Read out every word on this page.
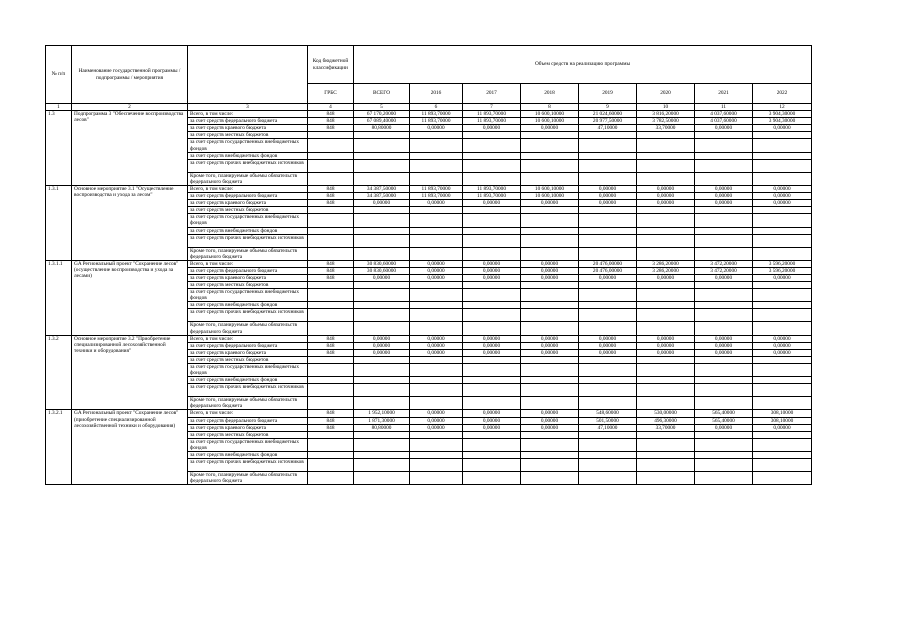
№ п/п	Наименование государственной программы /подпрограммы / мероприятия		Код бюджетной классификации	Объем средств на реализацию программы							
			ГРБС	ВСЕГО	2016	2017	2018	2019	2020	2021	2022
1	2	3	4	5	6	7	8	9	10	11	12
1.3	Подпрограмма 3 "Обеспечение воспроизводства лесов"	Всего, в том числе:	848	67 170,20000	11 893,70000	11 893,70000	10 600,10000	21 024,60000	3 816,20000	4 037,60000	3 904,30000
		за счет средств федерального бюджета	848	67 089,40000	11 893,70000	11 893,70000	10 600,10000	20 977,50000	3 782,50000	4 037,60000	3 904,30000
		за счет средств краевого бюджета	848	80,80000	0,00000	0,00000	0,00000	47,10000	33,70000	0,00000	0,00000
		за счет средств местных бюджетов									
		за счет средств государственных внебюджетных фондов									
		за счет средств внебюджетных фондов									
		за счет средств прочих внебюджетных источников									
		Кроме того, планируемые объемы обязательств федерального бюджета									
1.3.1	Основное мероприятие 3.1 "Осуществление воспроизводства и ухода за лесом"	Всего, в том числе:	848	34 387,50000	11 893,70000	11 893,70000	10 600,10000	0,00000	0,00000	0,00000	0,00000
		за счет средств федерального бюджета	848	34 387,50000	11 893,70000	11 893,70000	10 600,10000	0,00000	0,00000	0,00000	0,00000
		за счет средств краевого бюджета	848	0,00000	0,00000	0,00000	0,00000	0,00000	0,00000	0,00000	0,00000
		за счет средств местных бюджетов									
		за счет средств государственных внебюджетных фондов									
		за счет средств внебюджетных фондов									
		за счет средств прочих внебюджетных источников									
		Кроме того, планируемые объемы обязательств федерального бюджета									
1.3.1.1	GA Региональный проект "Сохранение лесов" (осуществление воспроизводства и ухода за лесами)	Всего, в том числе:	848	30 830,60000	0,00000	0,00000	0,00000	20 476,00000	3 286,20000	3 472,20000	3 596,20000
		за счет средств федерального бюджета	848	30 830,60000	0,00000	0,00000	0,00000	20 476,00000	3 286,20000	3 472,20000	3 596,20000
		за счет средств краевого бюджета	848	0,00000	0,00000	0,00000	0,00000	0,00000	0,00000	0,00000	0,00000
		за счет средств местных бюджетов									
		за счет средств государственных внебюджетных фондов									
		за счет средств внебюджетных фондов									
		за счет средств прочих внебюджетных источников									
		Кроме того, планируемые объемы обязательств федерального бюджета									
1.3.2	Основное мероприятие 3.2 "Приобретение специализированной лесохозяйственной техники и оборудования"	Всего, в том числе:	848	0,00000	0,00000	0,00000	0,00000	0,00000	0,00000	0,00000	0,00000
		за счет средств федерального бюджета	848	0,00000	0,00000	0,00000	0,00000	0,00000	0,00000	0,00000	0,00000
		за счет средств краевого бюджета	848	0,00000	0,00000	0,00000	0,00000	0,00000	0,00000	0,00000	0,00000
		за счет средств местных бюджетов									
		за счет средств государственных внебюджетных фондов									
		за счет средств внебюджетных фондов									
		за счет средств прочих внебюджетных источников									
		Кроме того, планируемые объемы обязательств федерального бюджета									
1.3.2.1	GA Региональный проект "Сохранение лесов" (приобретение специализированной лесохозяйственной техники и оборудования)	Всего, в том числе:	848	1 952,10000	0,00000	0,00000	0,00000	548,60000	530,00000	565,40000	308,10000
		за счет средств федерального бюджета	848	1 871,30000	0,00000	0,00000	0,00000	501,50000	496,30000	565,40000	308,10000
		за счет средств краевого бюджета	848	80,80000	0,00000	0,00000	0,00000	47,10000	33,70000	0,00000	0,00000
		за счет средств местных бюджетов									
		за счет средств государственных внебюджетных фондов									
		за счет средств внебюджетных фондов									
		за счет средств прочих внебюджетных источников									
		Кроме того, планируемые объемы обязательств федерального бюджета									
